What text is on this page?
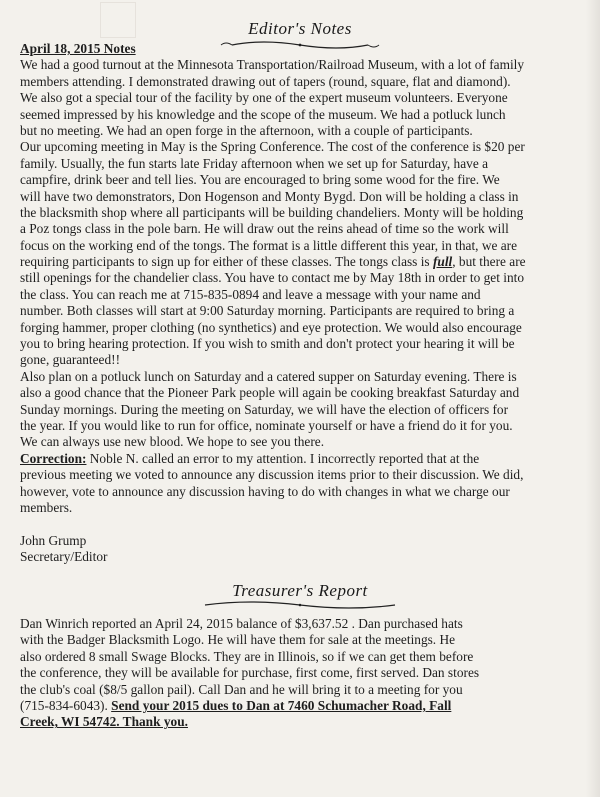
Editor's Notes
April 18, 2015 Notes
We had a good turnout at the Minnesota Transportation/Railroad Museum, with a lot of family
members attending. I demonstrated drawing out of tapers (round, square, flat and diamond).
We also got a special tour of the facility by one of the expert museum volunteers. Everyone
seemed impressed by his knowledge and the scope of the museum. We had a potluck lunch
but no meeting. We had an open forge in the afternoon, with a couple of participants.
Our upcoming meeting in May is the Spring Conference. The cost of the conference is $20 per
family. Usually, the fun starts late Friday afternoon when we set up for Saturday, have a
campfire, drink beer and tell lies. You are encouraged to bring some wood for the fire. We
will have two demonstrators, Don Hogenson and Monty Bygd. Don will be holding a class in
the blacksmith shop where all participants will be building chandeliers. Monty will be holding
a Poz tongs class in the pole barn. He will draw out the reins ahead of time so the work will
focus on the working end of the tongs. The format is a little different this year, in that, we are
requiring participants to sign up for either of these classes. The tongs class is full, but there are
still openings for the chandelier class. You have to contact me by May 18th in order to get into
the class. You can reach me at 715-835-0894 and leave a message with your name and
number. Both classes will start at 9:00 Saturday morning. Participants are required to bring a
forging hammer, proper clothing (no synthetics) and eye protection. We would also encourage
you to bring hearing protection. If you wish to smith and don't protect your hearing it will be
gone, guaranteed!!
Also plan on a potluck lunch on Saturday and a catered supper on Saturday evening. There is
also a good chance that the Pioneer Park people will again be cooking breakfast Saturday and
Sunday mornings. During the meeting on Saturday, we will have the election of officers for
the year. If you would like to run for office, nominate yourself or have a friend do it for you.
We can always use new blood. We hope to see you there.
Correction: Noble N. called an error to my attention. I incorrectly reported that at the
previous meeting we voted to announce any discussion items prior to their discussion. We did,
however, vote to announce any discussion having to do with changes in what we charge our
members.
John Grump
Secretary/Editor
Treasurer's Report
Dan Winrich reported an April 24, 2015 balance of $3,637.52 . Dan purchased hats
with the Badger Blacksmith Logo. He will have them for sale at the meetings. He
also ordered 8 small Swage Blocks. They are in Illinois, so if we can get them before
the conference, they will be available for purchase, first come, first served. Dan stores
the club's coal ($8/5 gallon pail). Call Dan and he will bring it to a meeting for you
(715-834-6043). Send your 2015 dues to Dan at 7460 Schumacher Road, Fall
Creek, WI 54742. Thank you.
